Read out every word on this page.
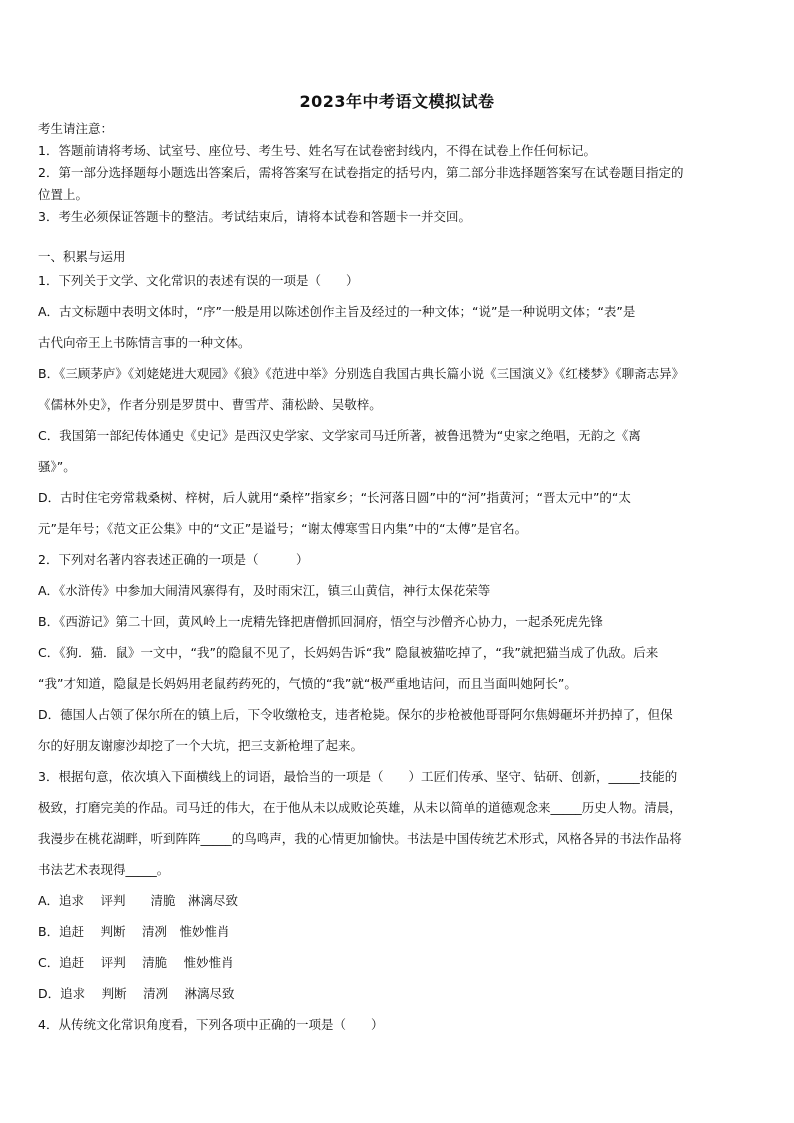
2023年中考语文模拟试卷
考生请注意：
1．答题前请将考场、试室号、座位号、考生号、姓名写在试卷密封线内，不得在试卷上作任何标记。
2．第一部分选择题每小题选出答案后，需将答案写在试卷指定的括号内，第二部分非选择题答案写在试卷题目指定的
位置上。
3．考生必须保证答题卡的整洁。考试结束后，请将本试卷和答题卡一并交回。
一、积累与运用
1．下列关于文学、文化常识的表述有误的一项是（　　）
A．古文标题中表明文体时，“序”一般是用以陈述创作主旨及经过的一种文体；“说”是一种说明文体；“表”是
古代向帝王上书陈情言事的一种文体。
B．《三顾茅庐》《刘姥姥进大观园》《狼》《范进中举》分别选自我国古典长篇小说《三国演义》《红楼梦》《聊斋志异》
《儒林外史》，作者分别是罗贯中、曹雪芹、蒲松龄、吴敬梓。
C．我国第一部纪传体通史《史记》是西汉史学家、文学家司马迁所著，被鲁迅赞为“史家之绝唱，无韵之《离
骚》”。
D．古时住宅旁常栽桑树、梓树，后人就用“桑梓”指家乡；“长河落日圆”中的“河”指黄河；“晋太元中”的“太
元”是年号；《范文正公集》中的“文正”是谥号；“谢太傅寒雪日内集”中的“太傅”是官名。
2．下列对名著内容表述正确的一项是（　　　）
A．《水浒传》中参加大闹清风寨得有，及时雨宋江，镇三山黄信，神行太保花荣等
B．《西游记》第二十回，黄风岭上一虎精先锋把唐僧抓回洞府，悟空与沙僧齐心协力，一起杀死虎先锋
C．《狗．猫．鼠》一文中，“我”的隐鼠不见了，长妈妈告诉“我” 隐鼠被猫吃掉了，“我”就把猫当成了仇敌。后来
“我”才知道，隐鼠是长妈妈用老鼠药药死的，气愤的“我”就“极严重地诘问，而且当面叫她阿长”。
D．德国人占领了保尔所在的镇上后，下令收缴枪支，违者枪毙。保尔的步枪被他哥哥阿尔焦姆砸坏并扔掉了，但保
尔的好朋友谢廖沙却挖了一个大坑，把三支新枪埋了起来。
3．根据句意，依次填入下面横线上的词语，最恰当的一项是（　　）工匠们传承、坚守、钻研、创新，_____技能的
极致，打磨完美的作品。司马迁的伟大，在于他从未以成败论英雄，从未以简单的道德观念来_____历史人物。清晨，
我漫步在桃花湖畔，听到阵阵_____的鸟鸣声，我的心情更加愉快。书法是中国传统艺术形式，风格各异的书法作品将
书法艺术表现得_____。
A．追求　 评判　　清脆　淋漓尽致
B．追赶　 判断　 清冽　惟妙惟肖
C．追赶　 评判　 清脆　 惟妙惟肖
D．追求　 判断　 清冽　 淋漓尽致
4．从传统文化常识角度看，下列各项中正确的一项是（　　）
